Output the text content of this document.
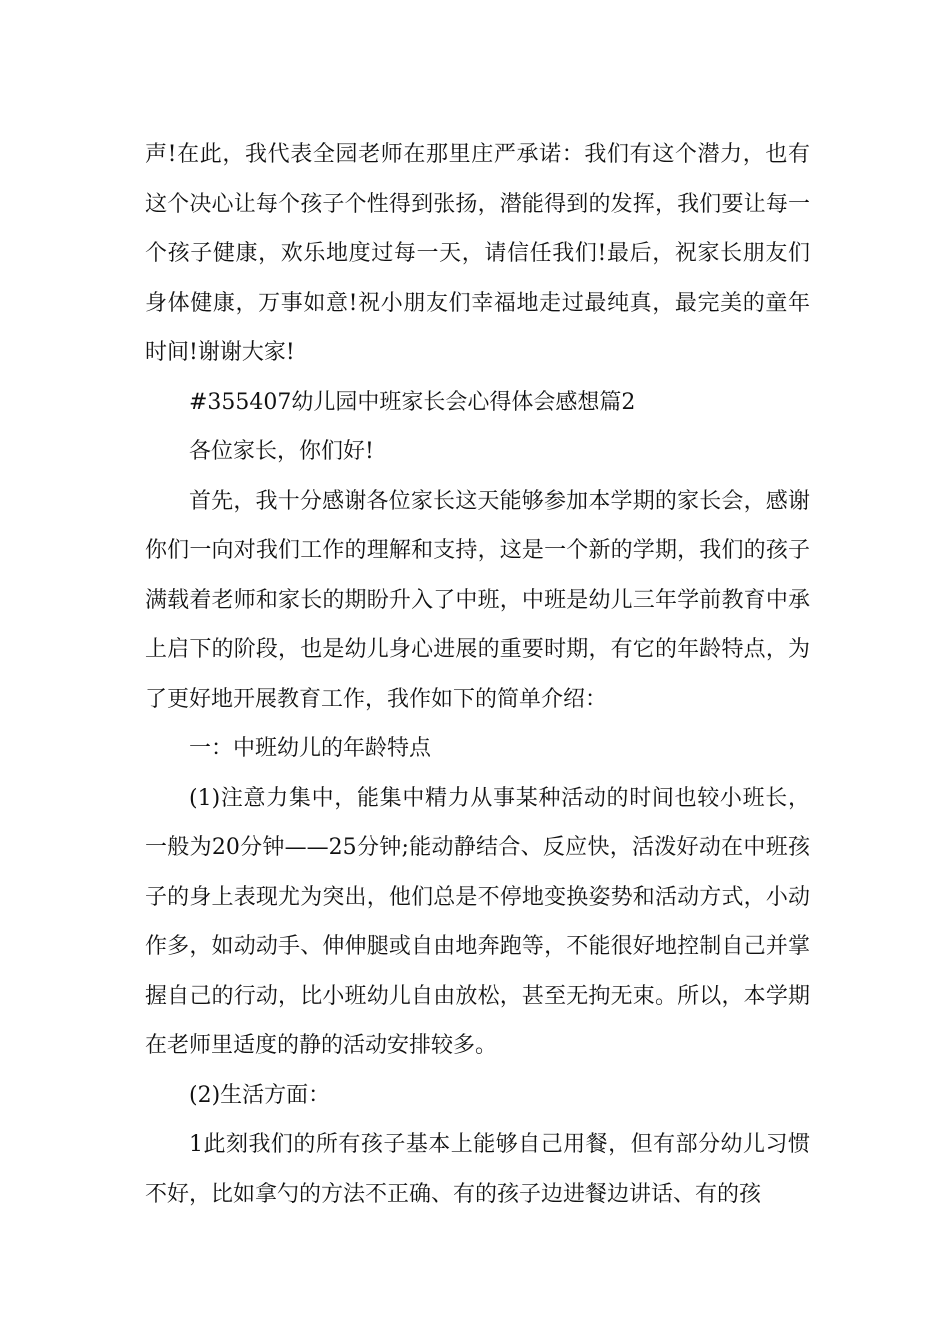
声!在此，我代表全园老师在那里庄严承诺：我们有这个潜力，也有这个决心让每个孩子个性得到张扬，潜能得到的发挥，我们要让每一个孩子健康，欢乐地度过每一天，请信任我们!最后，祝家长朋友们身体健康，万事如意!祝小朋友们幸福地走过最纯真，最完美的童年时间!谢谢大家!

#355407幼儿园中班家长会心得体会感想篇2

各位家长，你们好!

首先，我十分感谢各位家长这天能够参加本学期的家长会，感谢你们一向对我们工作的理解和支持，这是一个新的学期，我们的孩子满载着老师和家长的期盼升入了中班，中班是幼儿三年学前教育中承上启下的阶段，也是幼儿身心进展的重要时期，有它的年龄特点，为了更好地开展教育工作，我作如下的简单介绍：

一：中班幼儿的年龄特点

(1)注意力集中，能集中精力从事某种活动的时间也较小班长，一般为20分钟——25分钟;能动静结合、反应快，活泼好动在中班孩子的身上表现尤为突出，他们总是不停地变换姿势和活动方式，小动作多，如动动手、伸伸腿或自由地奔跑等，不能很好地控制自己并掌握自己的行动，比小班幼儿自由放松，甚至无拘无束。所以，本学期在老师里适度的静的活动安排较多。

(2)生活方面：

1此刻我们的所有孩子基本上能够自己用餐，但有部分幼儿习惯不好，比如拿勺的方法不正确、有的孩子边进餐边讲话、有的孩
